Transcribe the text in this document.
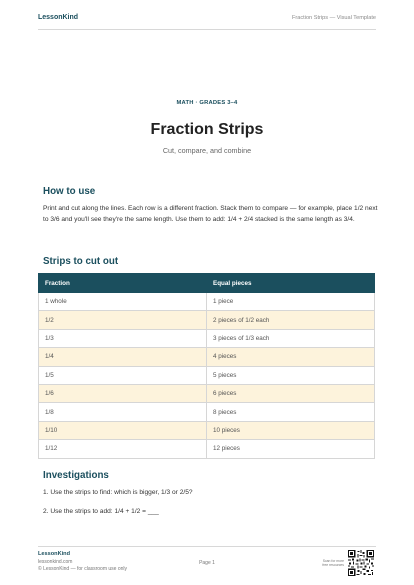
LessonKind	Fraction Strips — Visual Template
MATH · GRADES 3–4
Fraction Strips
Cut, compare, and combine
How to use
Print and cut along the lines. Each row is a different fraction. Stack them to compare — for example, place 1/2 next to 3/6 and you'll see they're the same length. Use them to add: 1/4 + 2/4 stacked is the same length as 3/4.
Strips to cut out
Fraction	Equal pieces
1 whole	1 piece
1/2	2 pieces of 1/2 each
1/3	3 pieces of 1/3 each
1/4	4 pieces
1/5	5 pieces
1/6	6 pieces
1/8	8 pieces
1/10	10 pieces
1/12	12 pieces
Investigations
1. Use the strips to find: which is bigger, 1/3 or 2/5?
2. Use the strips to add: 1/4 + 1/2 = ___
LessonKind
lessonkind.com
© LessonKind — for classroom use only
Page 1	Scan for more free resources
